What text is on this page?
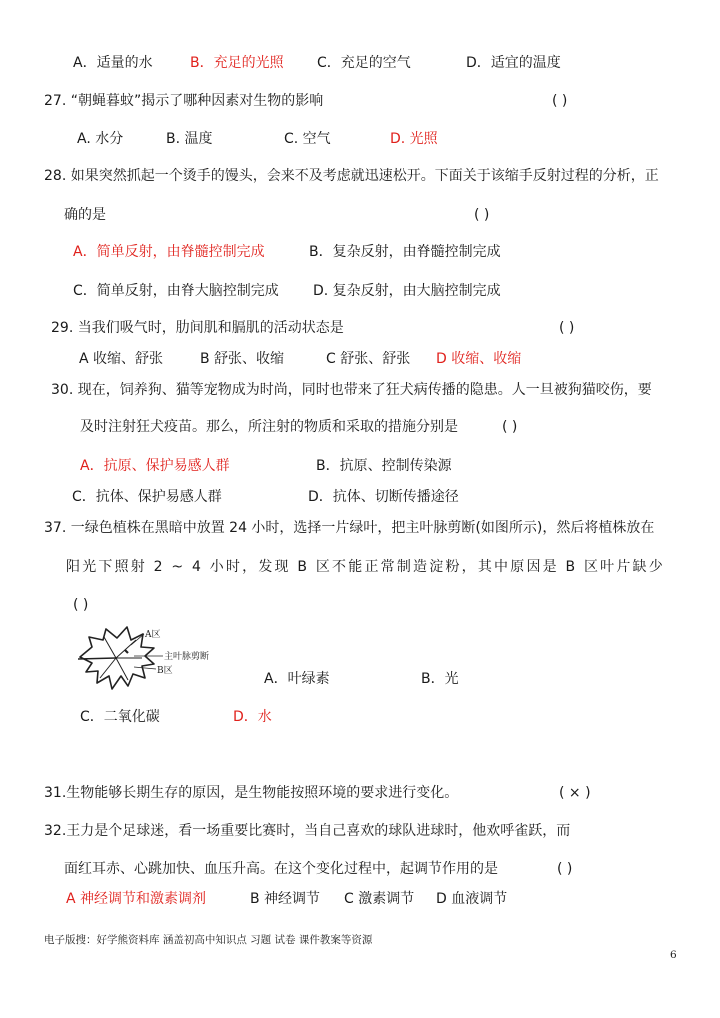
A．适量的水	B．充足的光照 C．充足的空气	D．适宜的温度
27. “朝蝇暮蚊”揭示了哪种因素对生物的影响	( )
A. 水分	B. 温度	C. 空气	D. 光照
28. 如果突然抓起一个烫手的馒头，会来不及考虑就迅速松开。下面关于该缩手反射过程的分析，正
确的是	( )
A．简单反射，由脊髓控制完成	B．复杂反射，由脊髓控制完成
C．简单反射，由脊大脑控制完成 D. 复杂反射，由大脑控制完成
29. 当我们吸气时，肋间肌和膈肌的活动状态是	( )
A 收缩、舒张	B 舒张、收缩	C 舒张、舒张 D 收缩、收缩
30. 现在，饲养狗、猫等宠物成为时尚，同时也带来了狂犬病传播的隐患。人一旦被狗猫咬伤，要
及时注射狂犬疫苗。那么，所注射的物质和采取的措施分别是	( )
A．抗原、保护易感人群	B．抗原、控制传染源
C．抗体、保护易感人群	D．抗体、切断传播途径
37. 一绿色植株在黑暗中放置 24 小时，选择一片绿叶，把主叶脉剪断(如图所示)，然后将植株放在
阳光下照射 2 ~ 4 小时，发现 B 区不能正常制造淀粉，其中原因是 B 区叶片缺少
( )
A区
主叶脉剪断
B区	A．叶绿素	B．光
C．二氧化碳	D．水
31.生物能够长期生存的原因，是生物能按照环境的要求进行变化。	( × )
32.王力是个足球迷，看一场重要比赛时，当自己喜欢的球队进球时，他欢呼雀跃，而
面红耳赤、心跳加快、血压升高。在这个变化过程中，起调节作用的是	( )
A 神经调节和激素调剂	B 神经调节 C 激素调节 D 血液调节
电子版搜：好学熊资料库 涵盖初高中知识点 习题 试卷 课件教案等资源
6
